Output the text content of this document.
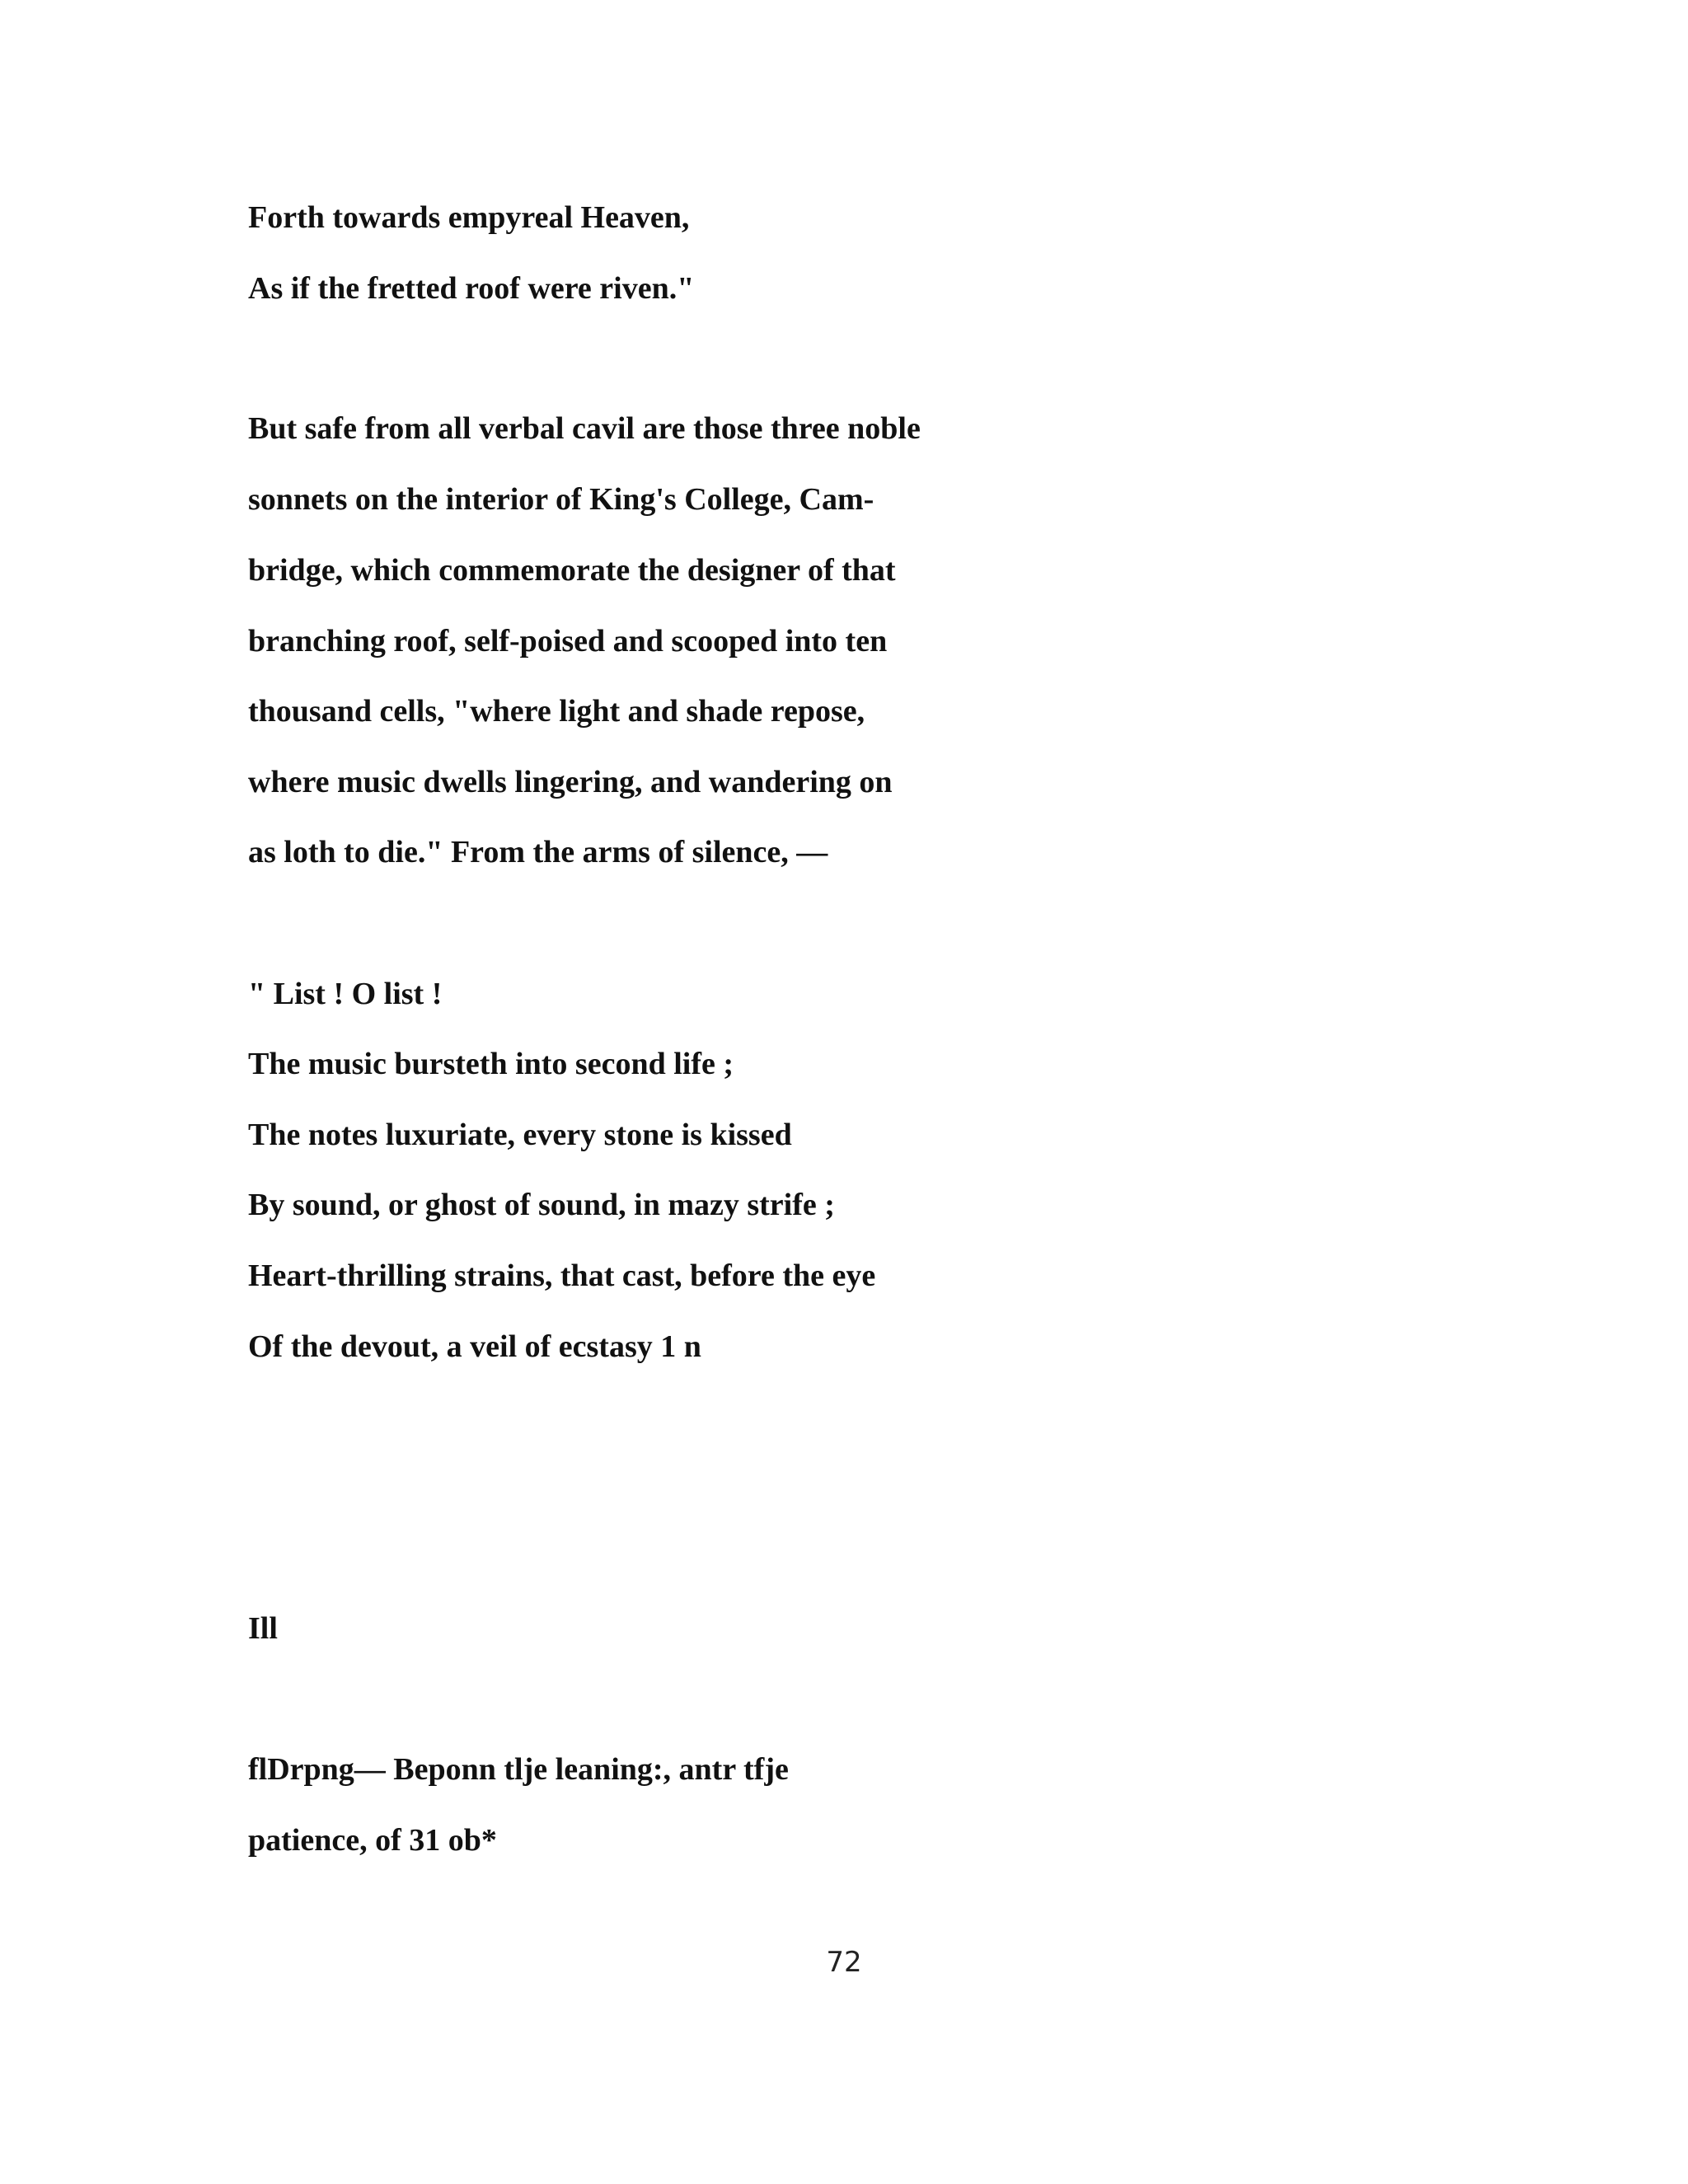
Forth towards empyreal Heaven,

As if the fretted roof were riven."

But safe from all verbal cavil are those three noble

sonnets on the interior of King's College, Cam-

bridge, which commemorate the designer of that

branching roof, self-poised and scooped into ten

thousand cells, "where light and shade repose,

where music dwells lingering, and wandering on

as loth to die." From the arms of silence, —

" List ! O list !

The music bursteth into second life ;

The notes luxuriate, every stone is kissed

By sound, or ghost of sound, in mazy strife ;

Heart-thrilling strains, that cast, before the eye

Of the devout, a veil of ecstasy 1 n

Ill

flDrpng— Beponn tlje leaning:, antr tfje

patience, of 31 ob*

72
